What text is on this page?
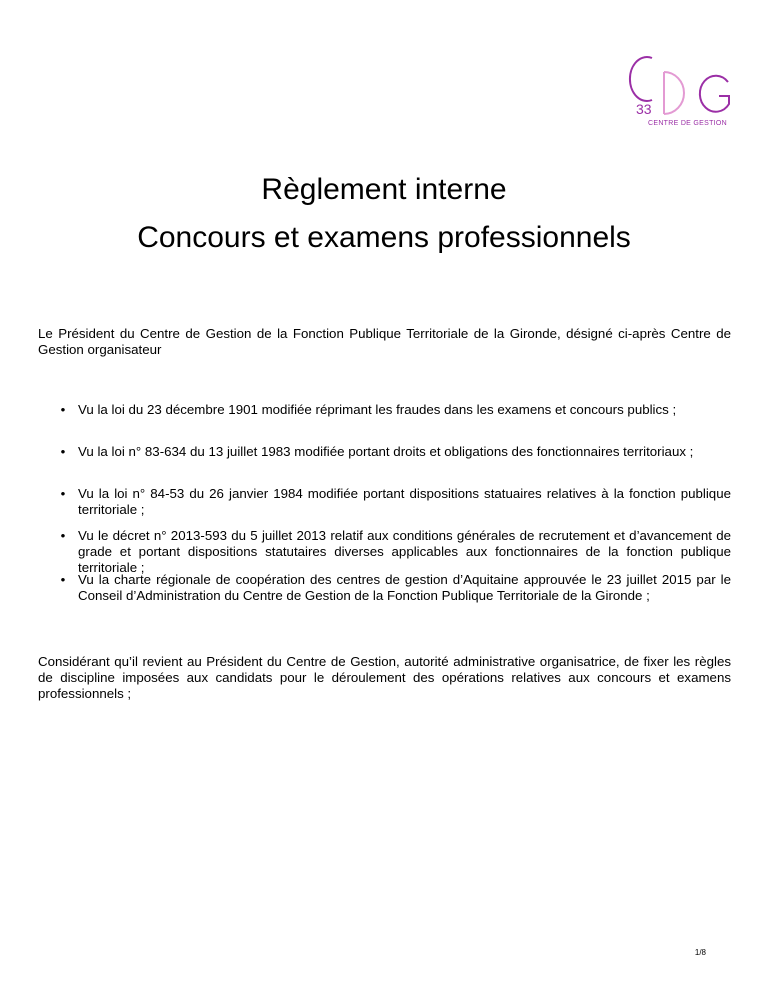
33
CENTRE DE GESTION
Règlement interne
Concours et examens professionnels

Le Président du Centre de Gestion de la Fonction Publique Territoriale de la Gironde, désigné ci-après Centre de Gestion organisateur

• Vu la loi du 23 décembre 1901 modifiée réprimant les fraudes dans les examens et concours publics ;
• Vu la loi n° 83-634 du 13 juillet 1983 modifiée portant droits et obligations des fonctionnaires territoriaux ;
• Vu la loi n° 84-53 du 26 janvier 1984 modifiée portant dispositions statuaires relatives à la fonction publique territoriale ;
• Vu le décret n° 2013-593 du 5 juillet 2013 relatif aux conditions générales de recrutement et d’avancement de grade et portant dispositions statutaires diverses applicables aux fonctionnaires de la fonction publique territoriale ;
• Vu la charte régionale de coopération des centres de gestion d’Aquitaine approuvée le 23 juillet 2015 par le Conseil d’Administration du Centre de Gestion de la Fonction Publique Territoriale de la Gironde ;

Considérant qu’il revient au Président du Centre de Gestion, autorité administrative organisatrice, de fixer les règles de discipline imposées aux candidats pour le déroulement des opérations relatives aux concours et examens professionnels ;

1/8
